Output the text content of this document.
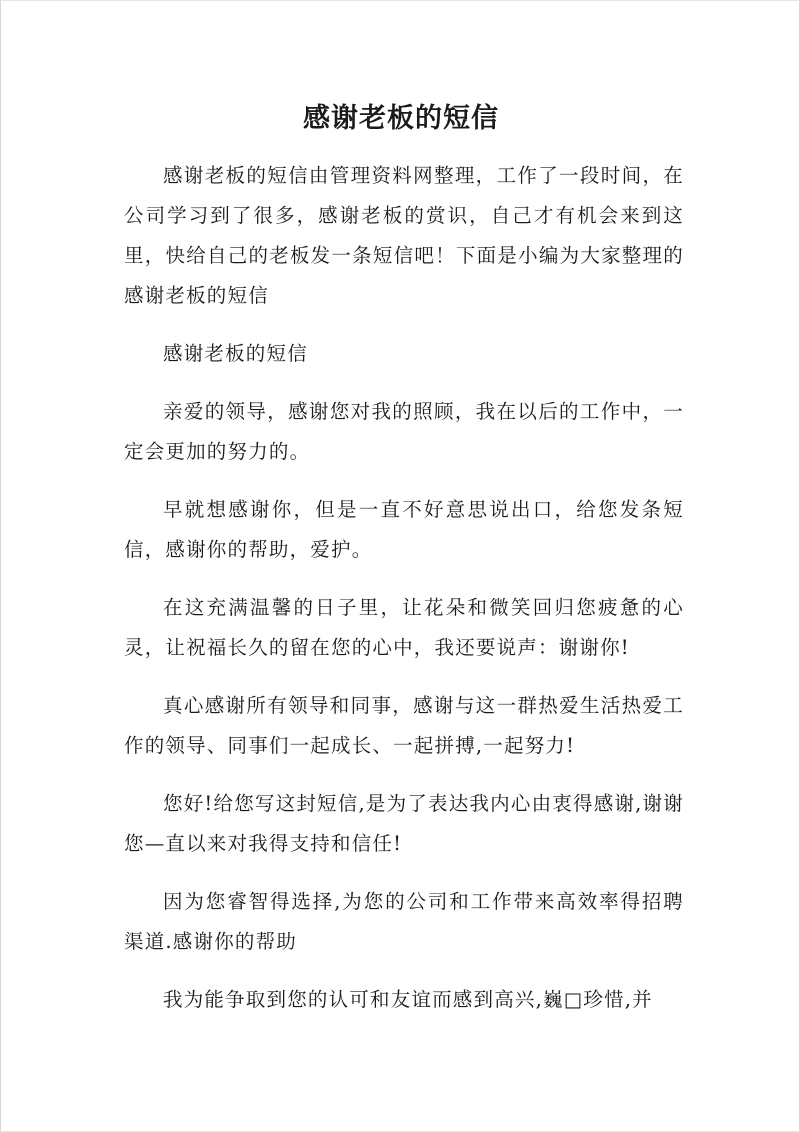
感谢老板的短信

感谢老板的短信由管理资料网整理，工作了一段时间，在公司学习到了很多，感谢老板的赏识，自己才有机会来到这里，快给自己的老板发一条短信吧！下面是小编为大家整理的感谢老板的短信

感谢老板的短信

亲爱的领导，感谢您对我的照顾，我在以后的工作中，一定会更加的努力的。

早就想感谢你，但是一直不好意思说出口，给您发条短信，感谢你的帮助，爱护。

在这充满温馨的日子里，让花朵和微笑回归您疲惫的心灵，让祝福长久的留在您的心中，我还要说声：谢谢你!

真心感谢所有领导和同事，感谢与这一群热爱生活热爱工作的领导、同事们一起成长、一起拼搏,一起努力!

您好!给您写这封短信,是为了表达我内心由衷得感谢,谢谢您—直以来对我得支持和信任!

因为您睿智得选择,为您的公司和工作带来高效率得招聘渠道.感谢你的帮助

我为能争取到您的认可和友谊而感到高兴,巍□珍惜,并
